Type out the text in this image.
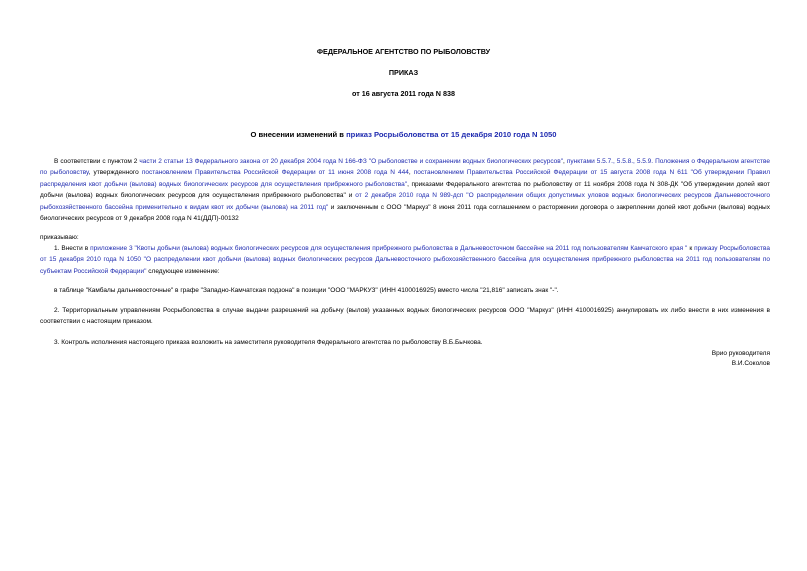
ФЕДЕРАЛЬНОЕ АГЕНТСТВО ПО РЫБОЛОВСТВУ
ПРИКАЗ
от 16 августа 2011 года N 838
О внесении изменений в приказ Росрыболовства от 15 декабря 2010 года N 1050
В соответствии с пунктом 2 части 2 статьи 13 Федерального закона от 20 декабря 2004 года N 166-ФЗ "О рыболовстве и сохранении водных биологических ресурсов", пунктами 5.5.7., 5.5.8., 5.5.9. Положения о Федеральном агентстве по рыболовству, утвержденного постановлением Правительства Российской Федерации от 11 июня 2008 года N 444, постановлением Правительства Российской Федерации от 15 августа 2008 года N 611 "Об утверждении Правил распределения квот добычи (вылова) водных биологических ресурсов для осуществления прибрежного рыболовства", приказами Федерального агентства по рыболовству от 11 ноября 2008 года N 308-ДК "Об утверждении долей квот добычи (вылова) водных биологических ресурсов для осуществления прибрежного рыболовства" и от 2 декабря 2010 года N 989-дсп "О распределении общих допустимых уловов водных биологических ресурсов Дальневосточного рыбохозяйственного бассейна применительно к видам квот их добычи (вылова) на 2011 год" и заключенным с ООО "Маркуз" 8 июня 2011 года соглашением о расторжении договора о закреплении долей квот добычи (вылова) водных биологических ресурсов от 9 декабря 2008 года N 41(ДДП)-00132
приказываю:
1. Внести в приложение 3 "Квоты добычи (вылова) водных биологических ресурсов для осуществления прибрежного рыболовства в Дальневосточном бассейне на 2011 год пользователям Камчатского края " к приказу Росрыболовства от 15 декабря 2010 года N 1050 "О распределении квот добычи (вылова) водных биологических ресурсов Дальневосточного рыбохозяйственного бассейна для осуществления прибрежного рыболовства на 2011 год пользователям по субъектам Российской Федерации" следующее изменение:
в таблице "Камбалы дальневосточные" в графе "Западно-Камчатская подзона" в позиции "ООО "МАРКУЗ" (ИНН 4100016925) вместо числа "21,816" записать знак "-".
2. Территориальным управлениям Росрыболовства в случае выдачи разрешений на добычу (вылов) указанных водных биологических ресурсов ООО "Маркуз" (ИНН 4100016925) аннулировать их либо внести в них изменения в соответствии с настоящим приказом.
3. Контроль исполнения настоящего приказа возложить на заместителя руководителя Федерального агентства по рыболовству В.Б.Бычкова.
Врио руководителя
В.И.Соколов
